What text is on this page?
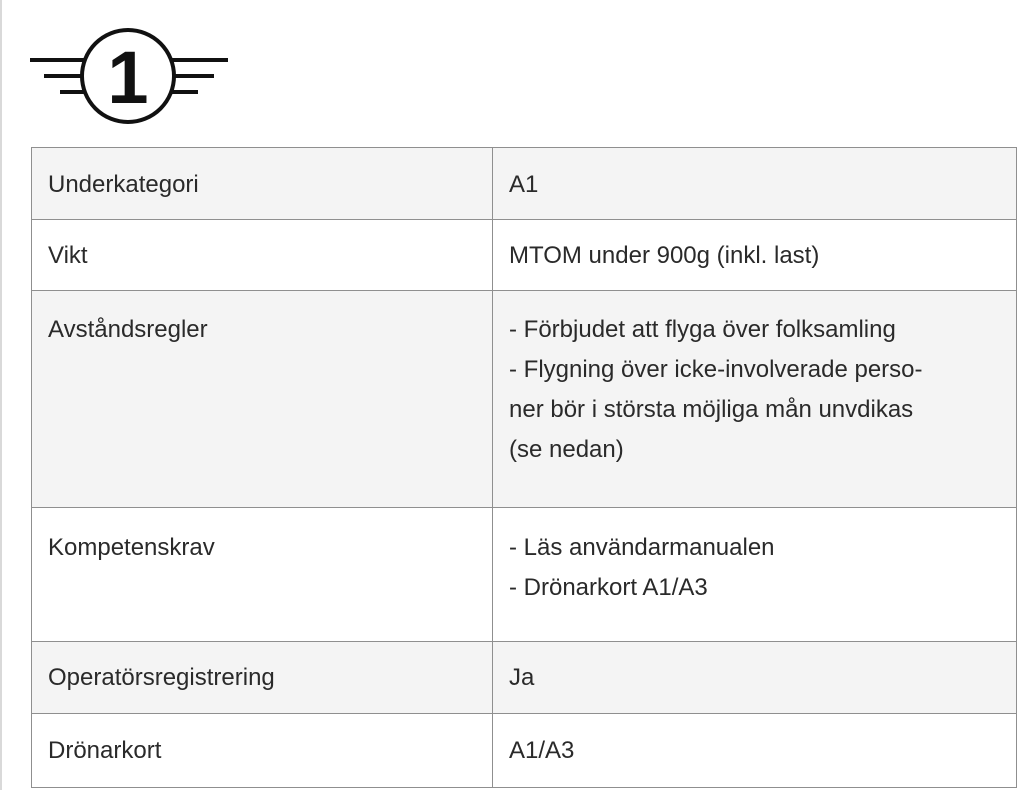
1
Underkategori	A1

Vikt	MTOM under 900g (inkl. last)

Avståndsregler	- Förbjudet att flyga över folksamling
- Flygning över icke-involverade perso-
ner bör i största möjliga mån unvdikas
(se nedan)

Kompetenskrav	- Läs användarmanualen
- Drönarkort A1/A3

Operatörsregistrering	Ja

Drönarkort	A1/A3
